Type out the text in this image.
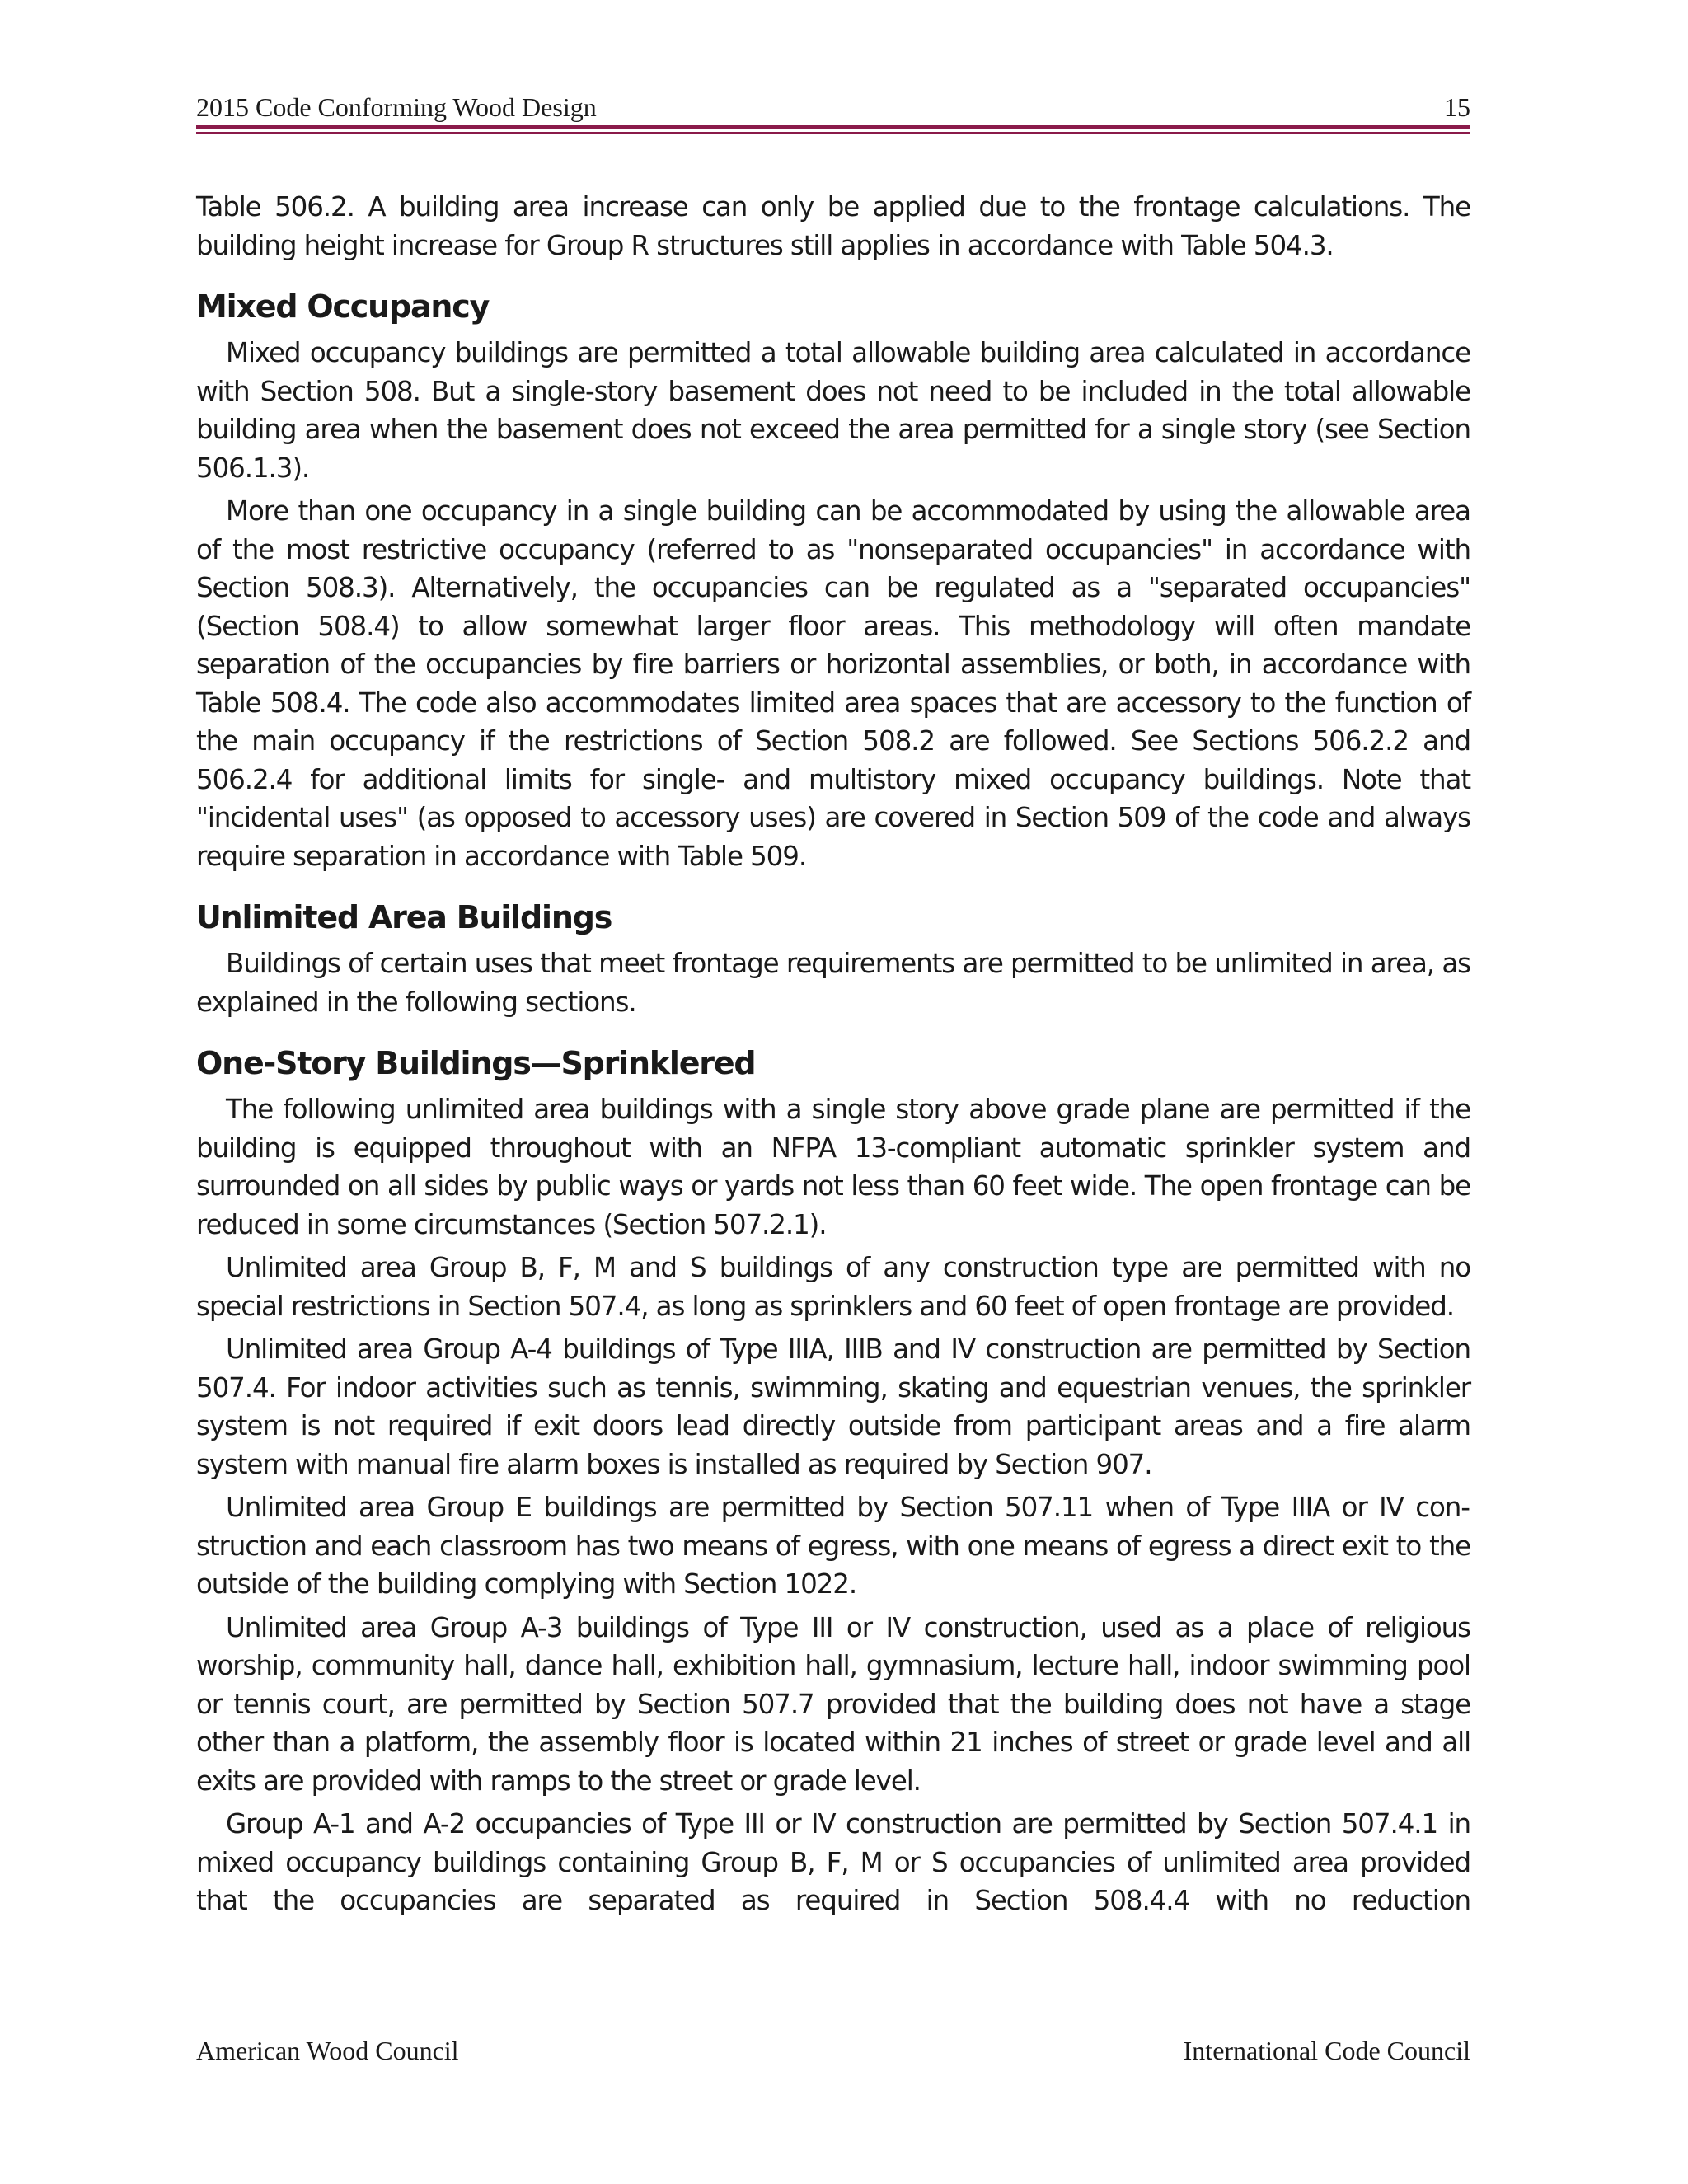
2015 Code Conforming Wood Design	15

Table 506.2. A building area increase can only be applied due to the frontage calculations. The building height increase for Group R structures still applies in accordance with Table 504.3.

Mixed Occupancy

Mixed occupancy buildings are permitted a total allowable building area calculated in accordance with Section 508. But a single-story basement does not need to be included in the total allowable building area when the basement does not exceed the area permitted for a single story (see Section 506.1.3).

More than one occupancy in a single building can be accommodated by using the allowable area of the most restrictive occupancy (referred to as "nonseparated occupancies" in accordance with Section 508.3). Alternatively, the occupancies can be regulated as a "separated occupancies" (Section 508.4) to allow somewhat larger floor areas. This methodology will often mandate separation of the occupancies by fire barriers or horizontal assemblies, or both, in accordance with Table 508.4. The code also accommodates limited area spaces that are accessory to the function of the main occupancy if the restrictions of Section 508.2 are followed. See Sections 506.2.2 and 506.2.4 for additional limits for single- and multistory mixed occupancy buildings. Note that "incidental uses" (as opposed to accessory uses) are covered in Section 509 of the code and always require separation in accordance with Table 509.

Unlimited Area Buildings

Buildings of certain uses that meet frontage requirements are permitted to be unlimited in area, as explained in the following sections.

One-Story Buildings—Sprinklered

The following unlimited area buildings with a single story above grade plane are permitted if the building is equipped throughout with an NFPA 13-compliant automatic sprinkler system and surrounded on all sides by public ways or yards not less than 60 feet wide. The open frontage can be reduced in some circumstances (Section 507.2.1).

Unlimited area Group B, F, M and S buildings of any construction type are permitted with no special restrictions in Section 507.4, as long as sprinklers and 60 feet of open frontage are provided.

Unlimited area Group A-4 buildings of Type IIIA, IIIB and IV construction are permitted by Section 507.4. For indoor activities such as tennis, swimming, skating and equestrian venues, the sprinkler system is not required if exit doors lead directly outside from participant areas and a fire alarm system with manual fire alarm boxes is installed as required by Section 907.

Unlimited area Group E buildings are permitted by Section 507.11 when of Type IIIA or IV construction and each classroom has two means of egress, with one means of egress a direct exit to the outside of the building complying with Section 1022.

Unlimited area Group A-3 buildings of Type III or IV construction, used as a place of religious worship, community hall, dance hall, exhibition hall, gymnasium, lecture hall, indoor swimming pool or tennis court, are permitted by Section 507.7 provided that the building does not have a stage other than a platform, the assembly floor is located within 21 inches of street or grade level and all exits are provided with ramps to the street or grade level.

Group A-1 and A-2 occupancies of Type III or IV construction are permitted by Section 507.4.1 in mixed occupancy buildings containing Group B, F, M or S occupancies of unlimited area provided that the occupancies are separated as required in Section 508.4.4 with no reduction

American Wood Council	International Code Council
